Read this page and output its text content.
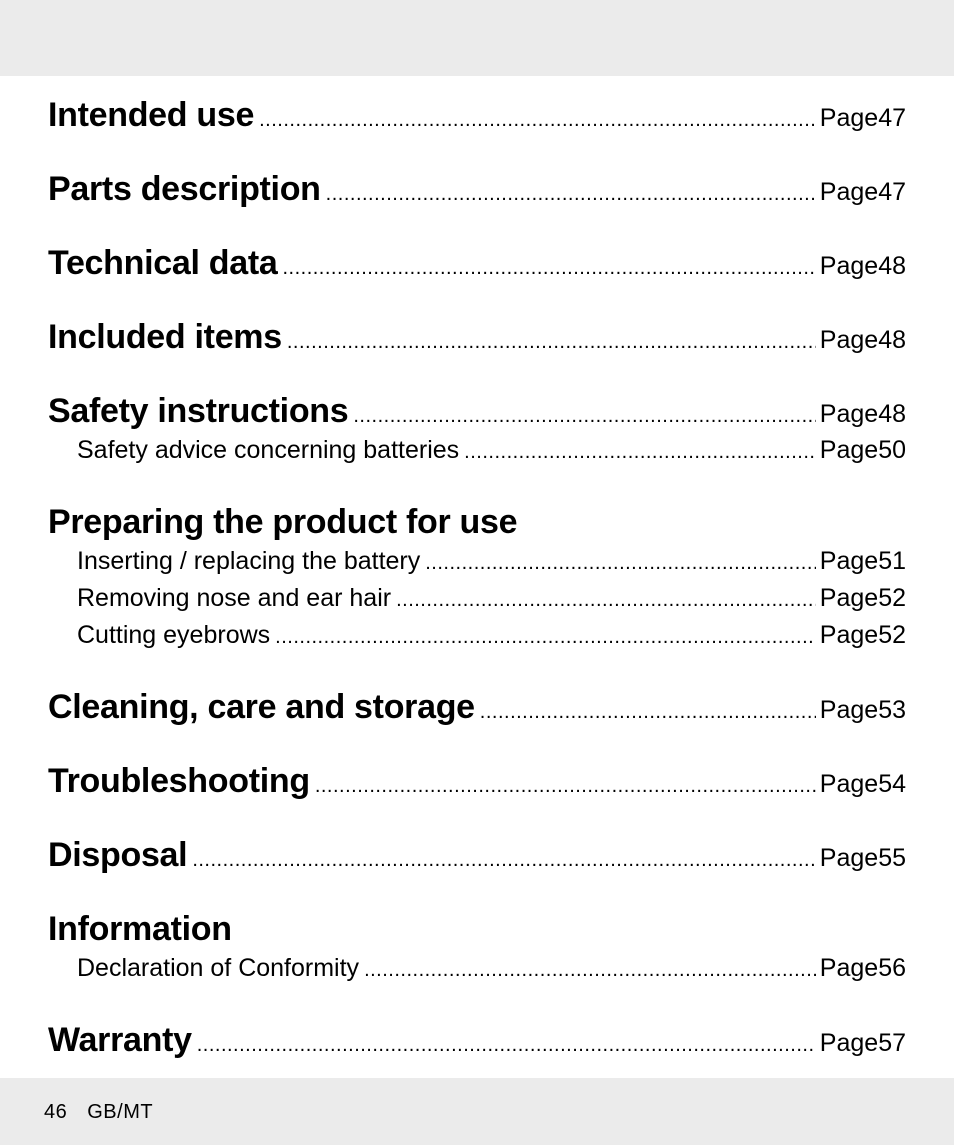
Intended use .....	Page 47
Parts description .....	Page 47
Technical data .....	Page 48
Included items .....	Page 48
Safety instructions .....	Page 48
Safety advice concerning batteries .....	Page 50
Preparing the product for use
Inserting / replacing the battery .....	Page 51
Removing nose and ear hair .....	Page 52
Cutting eyebrows .....	Page 52
Cleaning, care and storage .....	Page 53
Troubleshooting .....	Page 54
Disposal .....	Page 55
Information
Declaration of Conformity .....	Page 56
Warranty .....	Page 57
46 GB/MT
